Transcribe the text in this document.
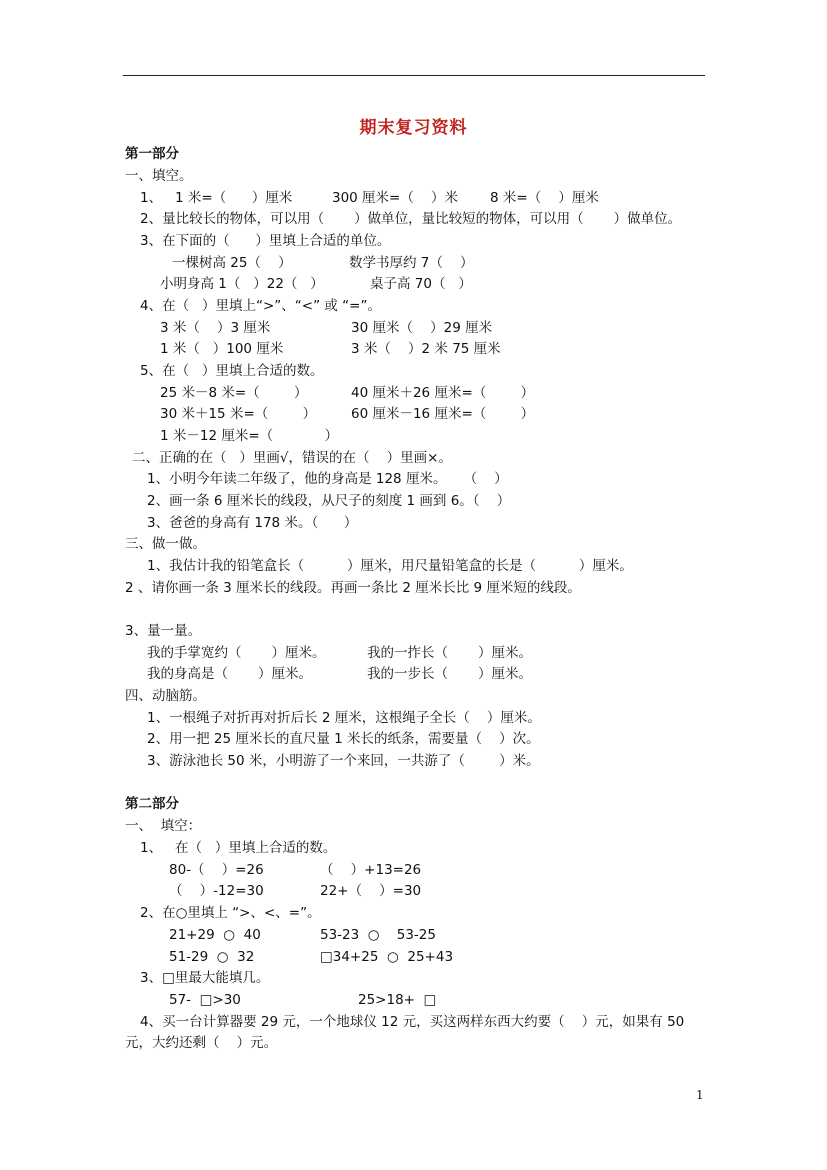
期末复习资料
第一部分
一、填空。
1、   1 米=（      ）厘米	300 厘米=（    ）米 8 米=（    ）厘米
2、量比较长的物体，可以用（       ）做单位，量比较短的物体，可以用（       ）做单位。
3、在下面的（      ）里填上合适的单位。
一棵树高 25（    ）	数学书厚约 7（    ）
小明身高 1（   ）22（   ）	桌子高 70（   ）
4、在（   ）里填上“>”、“<” 或 “=”。
3 米（    ）3 厘米	30 厘米（    ）29 厘米
1 米（   ）100 厘米	3 米（    ）2 米 75 厘米
5、在（   ）里填上合适的数。
25 米－8 米=（        ）	40 厘米＋26 厘米=（        ）
30 米＋15 米=（        ）	60 厘米－16 厘米=（        ）
1 米－12 厘米=（            ）
二、正确的在（   ）里画√，错误的在（    ）里画×。
1、小明今年读二年级了，他的身高是 128 厘米。    （    ）
2、画一条 6 厘米长的线段，从尺子的刻度 1 画到 6。（    ）
3、爸爸的身高有 178 米。（      ）
三、做一做。
1、我估计我的铅笔盒长（          ）厘米，用尺量铅笔盒的长是（          ）厘米。
2 、请你画一条 3 厘米长的线段。再画一条比 2 厘米长比 9 厘米短的线段。
3、量一量。
我的手掌宽约（       ）厘米。	我的一拃长（       ）厘米。
我的身高是（       ）厘米。	我的一步长（       ）厘米。
四、动脑筋。
1、一根绳子对折再对折后长 2 厘米，这根绳子全长（    ）厘米。
2、用一把 25 厘米长的直尺量 1 米长的纸条，需要量（    ）次。
3、游泳池长 50 米，小明游了一个来回，一共游了（        ）米。
第二部分
一、  填空：
1、   在（   ）里填上合适的数。
80-（    ）=26	（    ）+13=26
（    ）-12=30	22+（    ）=30
2、在○里填上 “>、<、=”。
21+29  ○  40	53-23  ○    53-25
51-29  ○  32	□34+25  ○  25+43
3、□里最大能填几。
57-  □>30	25>18+  □
4、买一台计算器要 29 元，一个地球仪 12 元，买这两样东西大约要（    ）元，如果有 50
元，大约还剩（    ）元。
1
